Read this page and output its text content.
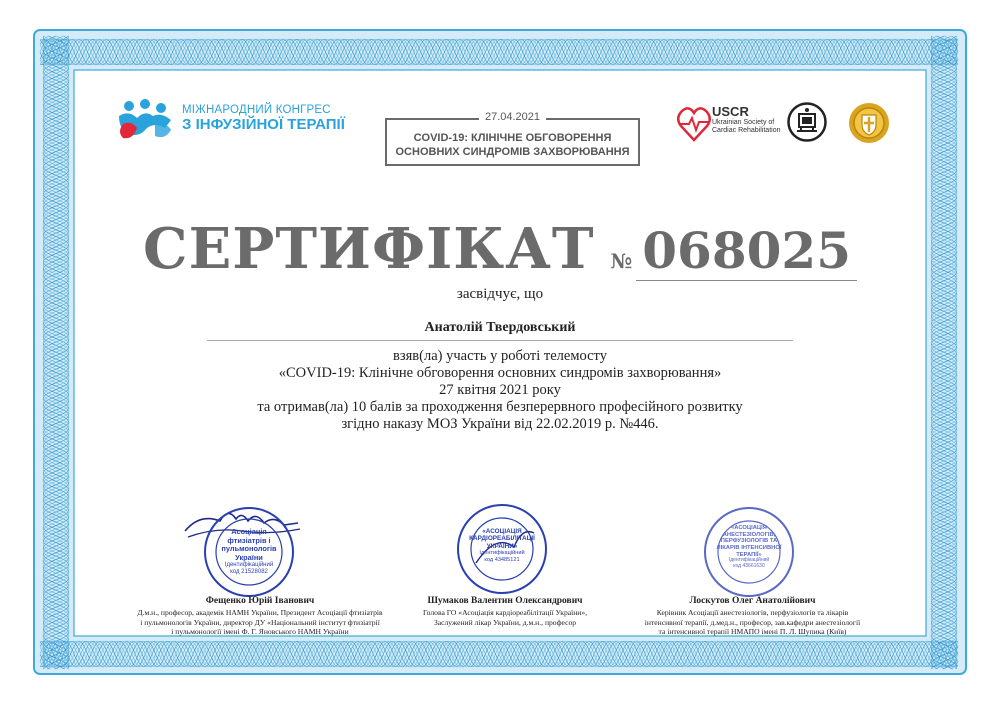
МІЖНАРОДНИЙ КОНГРЕС
З ІНФУЗІЙНОЇ ТЕРАПІЇ	27.04.2021
COVID-19: КЛІНІЧНЕ ОБГОВОРЕННЯ
ОСНОВНИХ СИНДРОМІВ ЗАХВОРЮВАННЯ
USCR
Ukrainian Society of
Cardiac Rehabilitation
СЕРТИФІКАТ № 068025
засвідчує, що
Анатолій Твердовський
взяв(ла) участь у роботі телемосту
«COVID-19: Клінічне обговорення основних синдромів захворювання»
27 квітня 2021 року
та отримав(ла) 10 балів за проходження безперервного професійного розвитку
згідно наказу МОЗ України від 22.02.2019 р. №446.
Асоціація
фтизіатрів і
пульмонологів
України
Ідентифікаційний
код 21528082
«АСОЦІАЦІЯ
КАРДІОРЕАБІЛІТАЦІЇ
УКРАЇНИ»
Ідентифікаційний
код 43485121
«АСОЦІАЦІЯ
АНЕСТЕЗІОЛОГІВ,
ПЕРФУЗІОЛОГІВ ТА
ЛІКАРІВ ІНТЕНСИВНОЇ
ТЕРАПІЇ»
Ідентифікаційний
код 43661630
Фещенко Юрій Іванович
Д.м.н., професор, академік НАМН України, Президент Асоціації фтизіатрів
і пульмонологів України, директор ДУ «Національний інститут фтизіатрії
і пульмонології імені Ф. Г. Яновського НАМН України
Шумаков Валентин Олександрович
Голова ГО «Асоціація кардіореабілітації України»,
Заслужений лікар України, д.м.н., професор
Лоскутов Олег Анатолійович
Керівник Асоціації анестезіологів, перфузіологів та лікарів
інтенсивної терапії, д.мед.н., професор, зав.кафедри анестезіології
та інтенсивної терапії НМАПО імені П. Л. Шупика (Київ)
